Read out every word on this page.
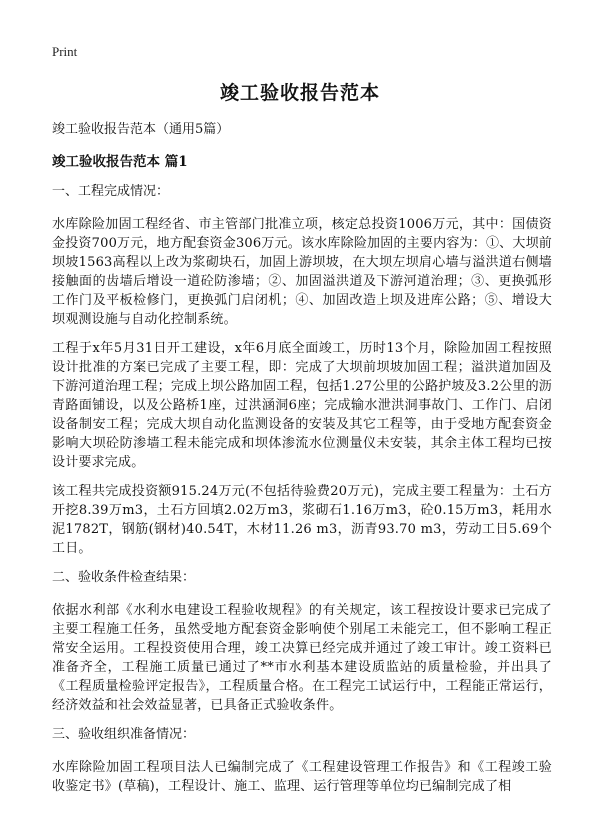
Print
竣工验收报告范本

竣工验收报告范本（通用5篇）

竣工验收报告范本 篇1

一、工程完成情况：

水库除险加固工程经省、市主管部门批准立项，核定总投资1006万元，其中：国债资金投资700万元，地方配套资金306万元。该水库除险加固的主要内容为：①、大坝前坝坡1563高程以上改为浆砌块石，加固上游坝坡，在大坝左坝肩心墙与溢洪道右侧墙接触面的齿墙后增设一道砼防渗墙；②、加固溢洪道及下游河道治理；③、更换弧形工作门及平板检修门，更换弧门启闭机；④、加固改造上坝及进库公路；⑤、增设大坝观测设施与自动化控制系统。

工程于x年5月31日开工建设，x年6月底全面竣工，历时13个月，除险加固工程按照设计批准的方案已完成了主要工程，即：完成了大坝前坝坡加固工程；溢洪道加固及下游河道治理工程；完成上坝公路加固工程，包括1.27公里的公路护坡及3.2公里的沥青路面铺设，以及公路桥1座，过洪涵洞6座；完成输水泄洪洞事故门、工作门、启闭设备制安工程；完成大坝自动化监测设备的安装及其它工程等，由于受地方配套资金影响大坝砼防渗墙工程未能完成和坝体渗流水位测量仪未安装，其余主体工程均已按设计要求完成。

该工程共完成投资额915.24万元(不包括待验费20万元)，完成主要工程量为：土石方开挖8.39万m3，土石方回填2.02万m3，浆砌石1.16万m3，砼0.15万m3，耗用水泥1782T，钢筋(钢材)40.54T，木材11.26 m3，沥青93.70 m3，劳动工日5.69个工日。

二、验收条件检查结果：

依据水利部《水利水电建设工程验收规程》的有关规定，该工程按设计要求已完成了主要工程施工任务，虽然受地方配套资金影响使个别尾工未能完工，但不影响工程正常安全运用。工程投资使用合理，竣工决算已经完成并通过了竣工审计。竣工资料已准备齐全，工程施工质量已通过了**市水利基本建设质监站的质量检验，并出具了《工程质量检验评定报告》，工程质量合格。在工程完工试运行中，工程能正常运行，经济效益和社会效益显著，已具备正式验收条件。

三、验收组织准备情况：

水库除险加固工程项目法人已编制完成了《工程建设管理工作报告》和《工程竣工验收鉴定书》(草稿)，工程设计、施工、监理、运行管理等单位均已编制完成了相
